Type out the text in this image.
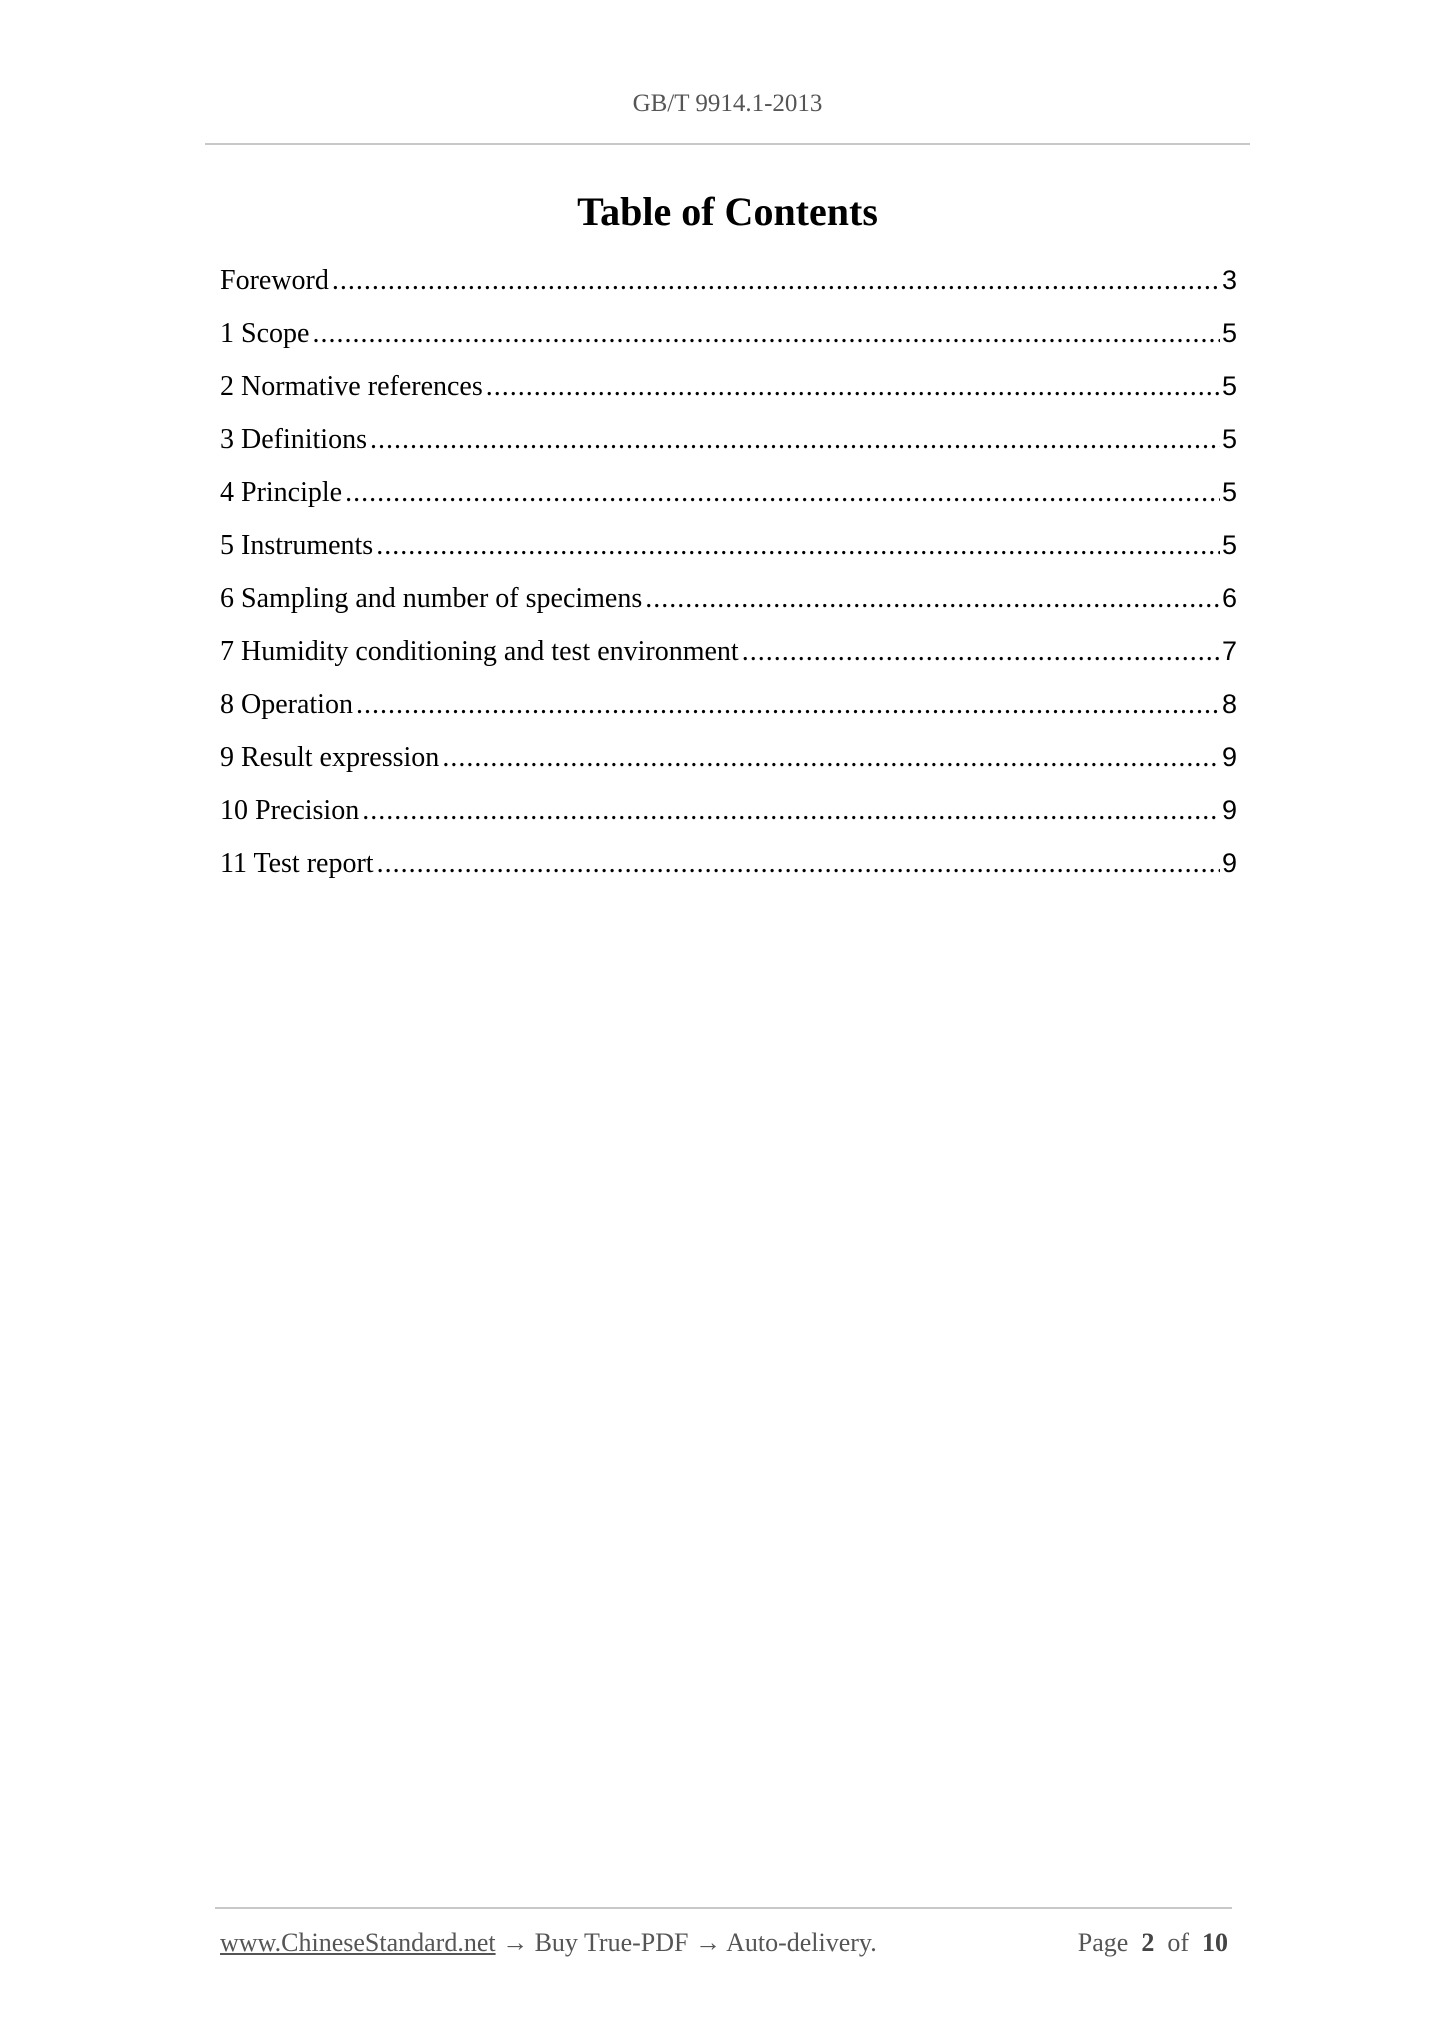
GB/T 9914.1-2013
Table of Contents
Foreword .....	3
1 Scope .....	5
2 Normative references .....	5
3 Definitions .....	5
4 Principle .....	5
5 Instruments .....	5
6 Sampling and number of specimens .....	6
7 Humidity conditioning and test environment .....	7
8 Operation .....	8
9 Result expression .....	9
10 Precision .....	9
11 Test report .....	9
www.ChineseStandard.net → Buy True-PDF → Auto-delivery.	Page 2 of 10
